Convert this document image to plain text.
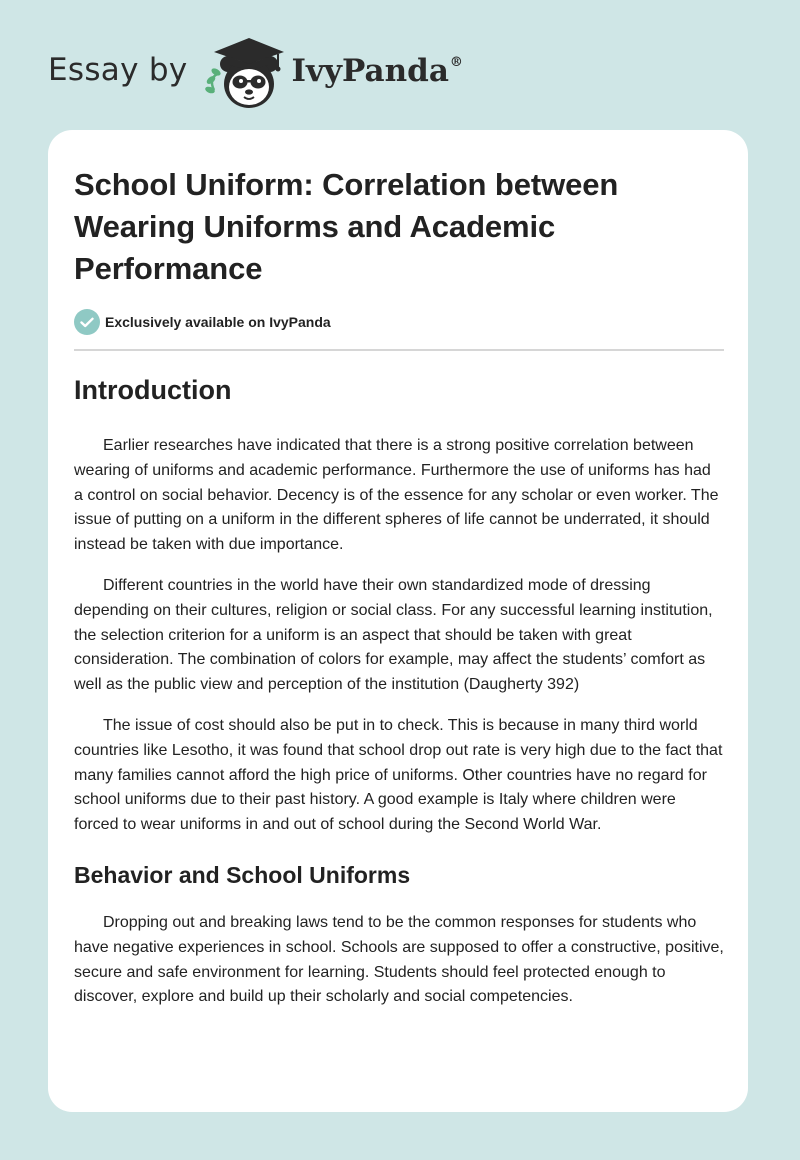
Essay by	IvyPanda®
School Uniform: Correlation between Wearing Uniforms and Academic Performance
Exclusively available on IvyPanda
Introduction

Earlier researches have indicated that there is a strong positive correlation between wearing of uniforms and academic performance. Furthermore the use of uniforms has had a control on social behavior. Decency is of the essence for any scholar or even worker. The issue of putting on a uniform in the different spheres of life cannot be underrated, it should instead be taken with due importance.

Different countries in the world have their own standardized mode of dressing depending on their cultures, religion or social class. For any successful learning institution, the selection criterion for a uniform is an aspect that should be taken with great consideration. The combination of colors for example, may affect the students’ comfort as well as the public view and perception of the institution (Daugherty 392)

The issue of cost should also be put in to check. This is because in many third world countries like Lesotho, it was found that school drop out rate is very high due to the fact that many families cannot afford the high price of uniforms. Other countries have no regard for school uniforms due to their past history. A good example is Italy where children were forced to wear uniforms in and out of school during the Second World War.

Behavior and School Uniforms

Dropping out and breaking laws tend to be the common responses for students who have negative experiences in school. Schools are supposed to offer a constructive, positive, secure and safe environment for learning. Students should feel protected enough to discover, explore and build up their scholarly and social competencies.
